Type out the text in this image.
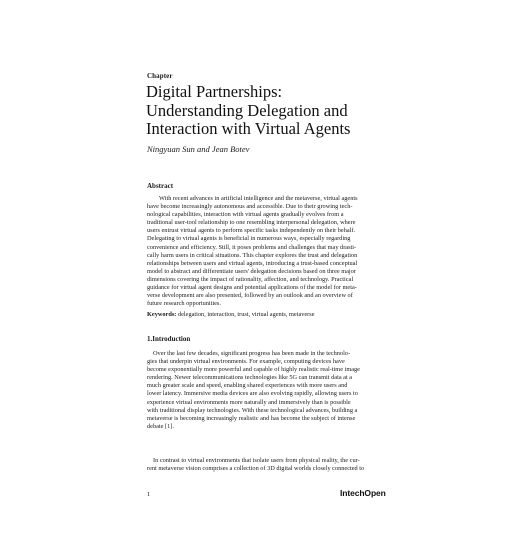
Chapter
Digital Partnerships:
Understanding Delegation and
Interaction with Virtual Agents
Ningyuan Sun and Jean Botev
Abstract
With recent advances in artificial intelligence and the metaverse, virtual agents
have become increasingly autonomous and accessible. Due to their growing tech-
nological capabilities, interaction with virtual agents gradually evolves from a
traditional user-tool relationship to one resembling interpersonal delegation, where
users entrust virtual agents to perform specific tasks independently on their behalf.
Delegating to virtual agents is beneficial in numerous ways, especially regarding
convenience and efficiency. Still, it poses problems and challenges that may drasti-
cally harm users in critical situations. This chapter explores the trust and delegation
relationships between users and virtual agents, introducing a trust-based conceptual
model to abstract and differentiate users' delegation decisions based on three major
dimensions covering the impact of rationality, affection, and technology. Practical
guidance for virtual agent designs and potential applications of the model for meta-
verse development are also presented, followed by an outlook and an overview of
future research opportunities.
Keywords: delegation, interaction, trust, virtual agents, metaverse
1.Introduction
Over the last few decades, significant progress has been made in the technolo-
gies that underpin virtual environments. For example, computing devices have
become exponentially more powerful and capable of highly realistic real-time image
rendering. Newer telecommunications technologies like 5G can transmit data at a
much greater scale and speed, enabling shared experiences with more users and
lower latency. Immersive media devices are also evolving rapidly, allowing users to
experience virtual environments more naturally and immersively than is possible
with traditional display technologies. With these technological advances, building a
metaverse is becoming increasingly realistic and has become the subject of intense
debate [1].
In contrast to virtual environments that isolate users from physical reality, the cur-
rent metaverse vision comprises a collection of 3D digital worlds closely connected to
1	IntechOpen
